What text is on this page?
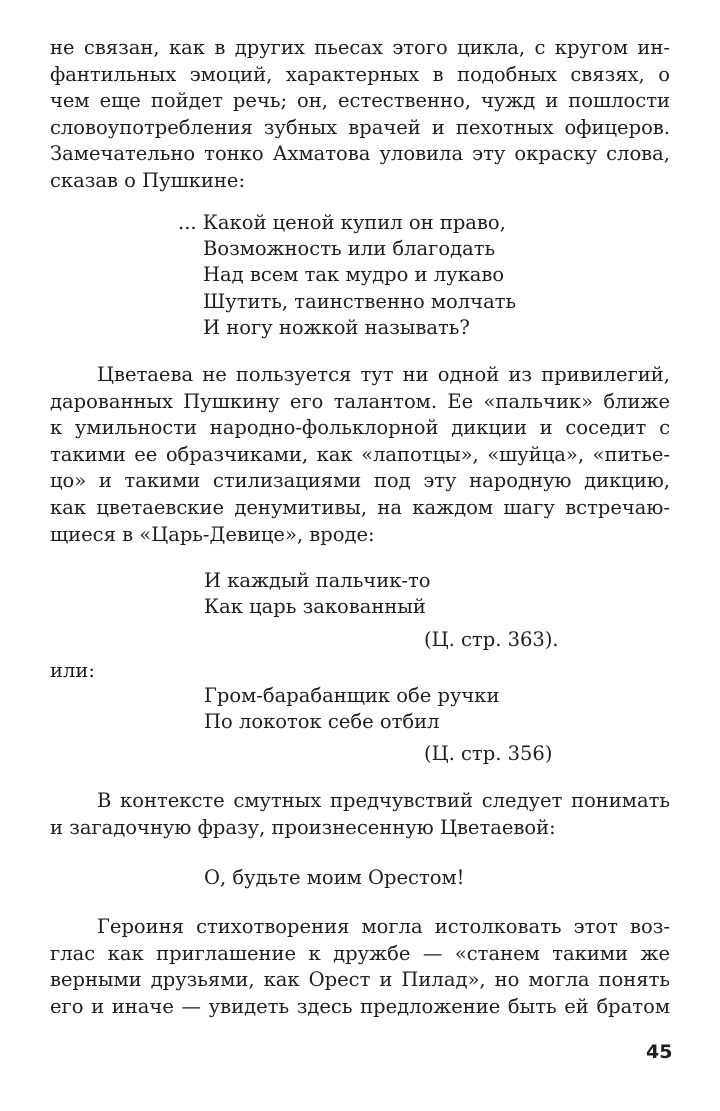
не связан, как в других пьесах этого цикла, с кругом ин-
фантильных эмоций, характерных в подобных связях, о
чем еще пойдет речь; он, естественно, чужд и пошлости
словоупотребления зубных врачей и пехотных офицеров.
Замечательно тонко Ахматова уловила эту окраску слова,
сказав о Пушкине:
... Какой ценой купил он право,
Возможность или благодать
Над всем так мудро и лукаво
Шутить, таинственно молчать
И ногу ножкой называть?
Цветаева не пользуется тут ни одной из привилегий,
дарованных Пушкину его талантом. Ее «пальчик» ближе
к умильности народно-фольклорной дикции и соседит с
такими ее образчиками, как «лапотцы», «шуйца», «питье-
цо» и такими стилизациями под эту народную дикцию,
как цветаевские денумитивы, на каждом шагу встречаю-
щиеся в «Царь-Девице», вроде:
И каждый пальчик-то
Как царь закованный
(Ц. стр. 363).
или:
Гром-барабанщик обе ручки
По локоток себе отбил
(Ц. стр. 356)
В контексте смутных предчувствий следует понимать
и загадочную фразу, произнесенную Цветаевой:
О, будьте моим Орестом!
Героиня стихотворения могла истолковать этот воз-
глас как приглашение к дружбе — «станем такими же
верными друзьями, как Орест и Пилад», но могла понять
его и иначе — увидеть здесь предложение быть ей братом
45
